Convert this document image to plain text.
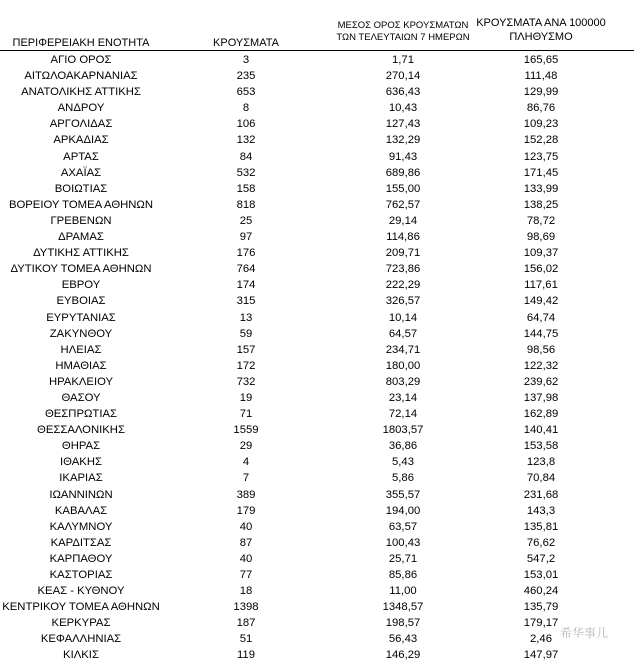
ΠΕΡΙΦΕΡΕΙΑΚΗ ΕΝΟΤΗΤΑ	ΚΡΟΥΣΜΑΤΑ
ΜΕΣΟΣ ΟΡΟΣ ΚΡΟΥΣΜΑΤΩΝ
ΤΩΝ ΤΕΛΕΥΤΑΙΩΝ 7 ΗΜΕΡΩΝ
ΚΡΟΥΣΜΑΤΑ ΑΝΑ 100000
ΠΛΗΘΥΣΜΟ
ΑΓΙΟ ΟΡΟΣ	3	1,71	165,65
ΑΙΤΩΛΟΑΚΑΡΝΑΝΙΑΣ	235	270,14	111,48
ΑΝΑΤΟΛΙΚΗΣ ΑΤΤΙΚΗΣ	653	636,43	129,99
ΑΝΔΡΟΥ	8	10,43	86,76
ΑΡΓΟΛΙΔΑΣ	106	127,43	109,23
ΑΡΚΑΔΙΑΣ	132	132,29	152,28
ΑΡΤΑΣ	84	91,43	123,75
ΑΧΑΪΑΣ	532	689,86	171,45
ΒΟΙΩΤΙΑΣ	158	155,00	133,99
ΒΟΡΕΙΟΥ ΤΟΜΕΑ ΑΘΗΝΩΝ	818	762,57	138,25
ΓΡΕΒΕΝΩΝ	25	29,14	78,72
ΔΡΑΜΑΣ	97	114,86	98,69
ΔΥΤΙΚΗΣ ΑΤΤΙΚΗΣ	176	209,71	109,37
ΔΥΤΙΚΟΥ ΤΟΜΕΑ ΑΘΗΝΩΝ	764	723,86	156,02
ΕΒΡΟΥ	174	222,29	117,61
ΕΥΒΟΙΑΣ	315	326,57	149,42
ΕΥΡΥΤΑΝΙΑΣ	13	10,14	64,74
ΖΑΚΥΝΘΟΥ	59	64,57	144,75
ΗΛΕΙΑΣ	157	234,71	98,56
ΗΜΑΘΙΑΣ	172	180,00	122,32
ΗΡΑΚΛΕΙΟΥ	732	803,29	239,62
ΘΑΣΟΥ	19	23,14	137,98
ΘΕΣΠΡΩΤΙΑΣ	71	72,14	162,89
ΘΕΣΣΑΛΟΝΙΚΗΣ	1559	1803,57	140,41
ΘΗΡΑΣ	29	36,86	153,58
ΙΘΑΚΗΣ	4	5,43	123,8
ΙΚΑΡΙΑΣ	7	5,86	70,84
ΙΩΑΝΝΙΝΩΝ	389	355,57	231,68
ΚΑΒΑΛΑΣ	179	194,00	143,3
ΚΑΛΥΜΝΟΥ	40	63,57	135,81
ΚΑΡΔΙΤΣΑΣ	87	100,43	76,62
ΚΑΡΠΑΘΟΥ	40	25,71	547,2
ΚΑΣΤΟΡΙΑΣ	77	85,86	153,01
ΚΕΑΣ - ΚΥΘΝΟΥ	18	11,00	460,24
ΚΕΝΤΡΙΚΟΥ ΤΟΜΕΑ ΑΘΗΝΩΝ	1398	1348,57	135,79
ΚΕΡΚΥΡΑΣ	187	198,57	179,17
ΚΕΦΑΛΛΗΝΙΑΣ	51	56,43	2,46
ΚΙΛΚΙΣ	119	146,29	147,97
希华事儿
